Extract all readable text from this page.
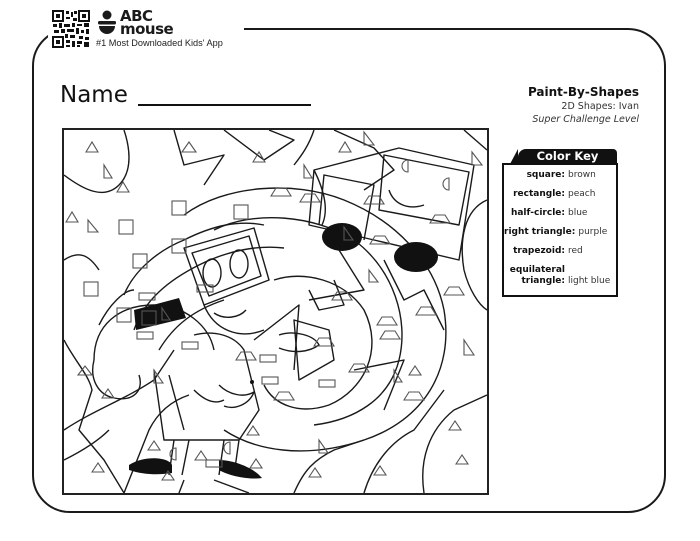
ABC
mouse
#1 Most Downloaded Kids' App
Name	Paint-By-Shapes
2D Shapes: Ivan
Super Challenge Level
Color Key
square: brown
rectangle: peach
half-circle: blue
right triangle: purple
trapezoid: red
equilateral
triangle: light blue
